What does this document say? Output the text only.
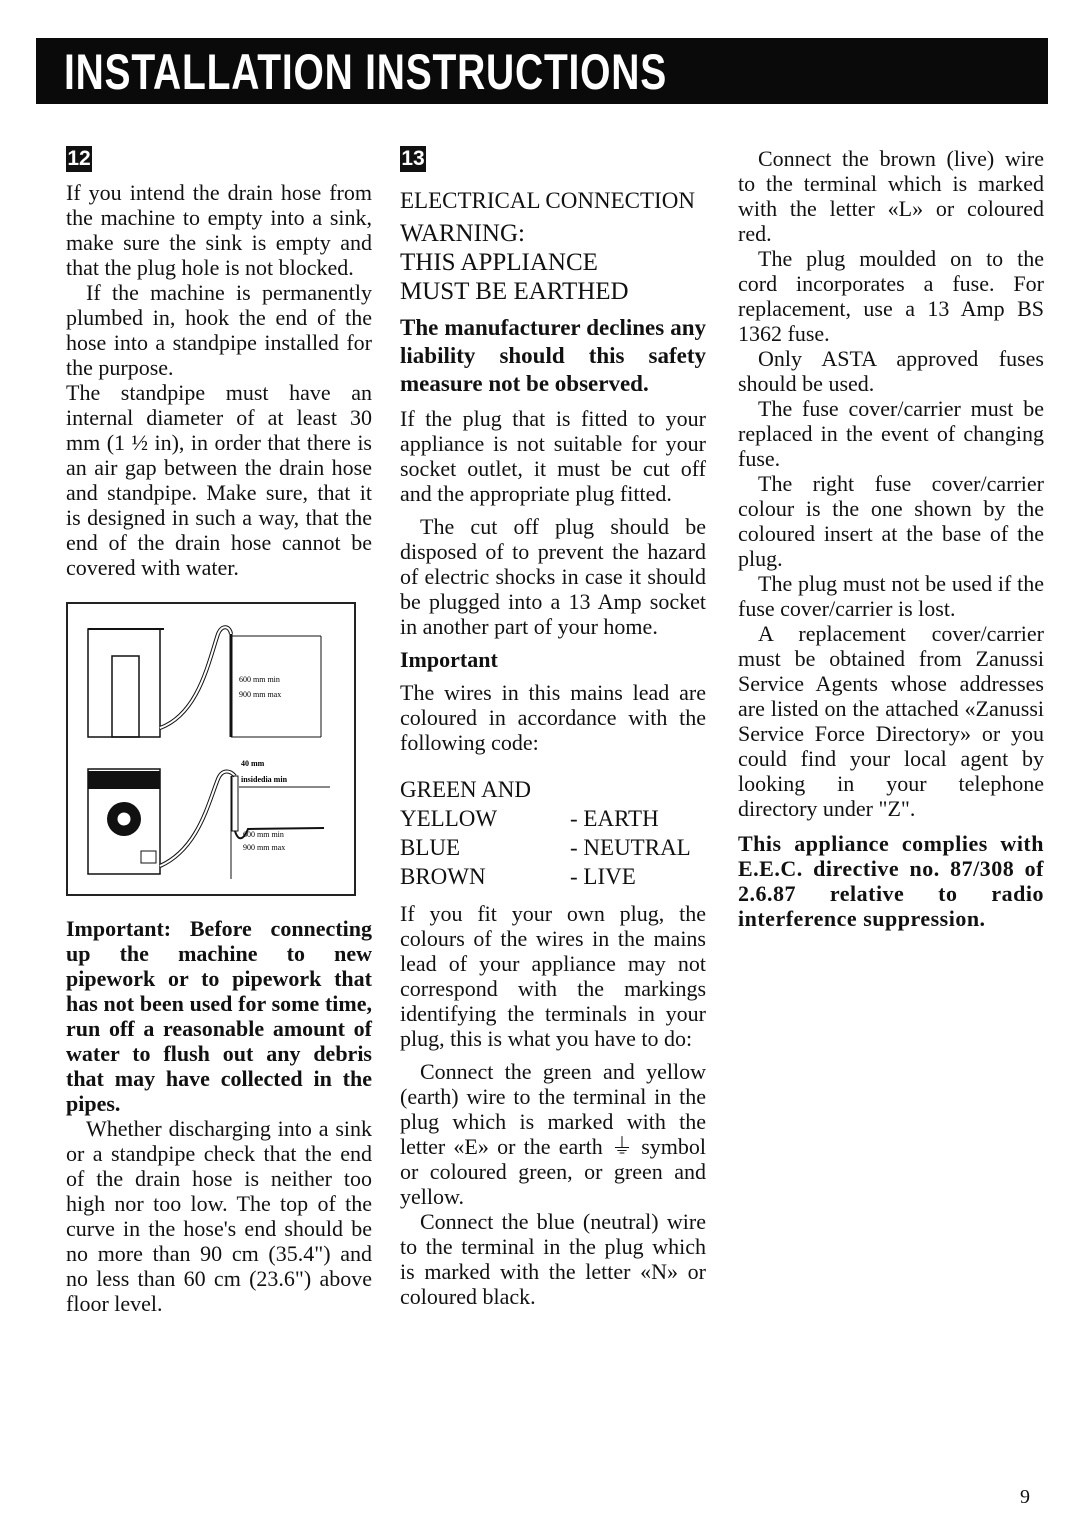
INSTALLATION INSTRUCTIONS
12	13

If you intend the drain hose from the machine to empty into a sink, make sure the sink is empty and that the plug hole is not blocked.

If the machine is permanently plumbed in, hook the end of the hose into a standpipe installed for the purpose.

The standpipe must have an internal diameter of at least 30 mm (1 ½ in), in order that there is an air gap between the drain hose and standpipe. Make sure, that it is designed in such a way, that the end of the drain hose cannot be covered with water.

600 mm min
900 mm max
40 mm
insidedia min
600 mm min
900 mm max

Important: Before connecting up the machine to new pipework or to pipework that has not been used for some time, run off a reasonable amount of water to flush out any debris that may have collected in the pipes.

Whether discharging into a sink or a standpipe check that the end of the drain hose is neither too high nor too low. The top of the curve in the hose's end should be no more than 90 cm (35.4") and no less than 60 cm (23.6") above floor level.

ELECTRICAL CONNECTION

WARNING:

THIS APPLIANCE

MUST BE EARTHED

The manufacturer declines any liability should this safety measure not be observed.

If the plug that is fitted to your appliance is not suitable for your socket outlet, it must be cut off and the appropriate plug fitted.

The cut off plug should be disposed of to prevent the hazard of electric shocks in case it should be plugged into a 13 Amp socket in another part of your home.

Important

The wires in this mains lead are coloured in accordance with the following code:

GREEN AND
YELLOW	- EARTH
BLUE	- NEUTRAL
BROWN	- LIVE

If you fit your own plug, the colours of the wires in the mains lead of your appliance may not correspond with the markings identifying the terminals in your plug, this is what you have to do:

Connect the green and yellow (earth) wire to the terminal in the plug which is marked with the letter «E» or the earth ⏚ symbol or coloured green, or green and yellow.

Connect the blue (neutral) wire to the terminal in the plug which is marked with the letter «N» or coloured black.

Connect the brown (live) wire to the terminal which is marked with the letter «L» or coloured red.

The plug moulded on to the cord incorporates a fuse. For replacement, use a 13 Amp BS 1362 fuse.

Only ASTA approved fuses should be used.

The fuse cover/carrier must be replaced in the event of changing fuse.

The right fuse cover/carrier colour is the one shown by the coloured insert at the base of the plug.

The plug must not be used if the fuse cover/carrier is lost.

A replacement cover/carrier must be obtained from Zanussi Service Agents whose addresses are listed on the attached «Zanussi Service Force Directory» or you could find your local agent by looking in your telephone directory under "Z".

This appliance complies with E.E.C. directive no. 87/308 of 2.6.87 relative to radio interference suppression.

9
